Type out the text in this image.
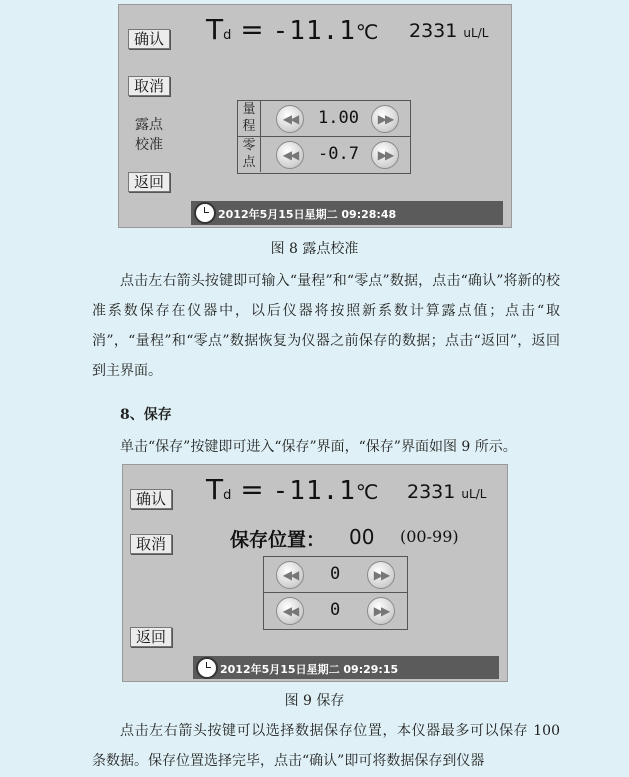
确认
取消
露点
校准
返回
Td = -11.1℃ 2331 uL/L
量程	◀◀	1.00	▶▶
零点	◀◀	-0.7	▶▶
2012年5月15日星期二 09:28:48
图 8 露点校准
点击左右箭头按键即可输入“量程”和“零点”数据，点击“确认”将新的校准系数保存在仪器中，以后仪器将按照新系数计算露点值；点击“取消”，“量程”和“零点”数据恢复为仪器之前保存的数据；点击“返回”，返回到主界面。
8、保存
单击“保存”按键即可进入“保存”界面，“保存”界面如图 9 所示。
确认
取消
返回
Td = -11.1℃ 2331 uL/L
保存位置： 00 (00-99)
◀◀	0	▶▶
◀◀	0	▶▶
2012年5月15日星期二 09:29:15
图 9 保存
点击左右箭头按键可以选择数据保存位置，本仪器最多可以保存 100 条数据。保存位置选择完毕，点击“确认”即可将数据保存到仪器
